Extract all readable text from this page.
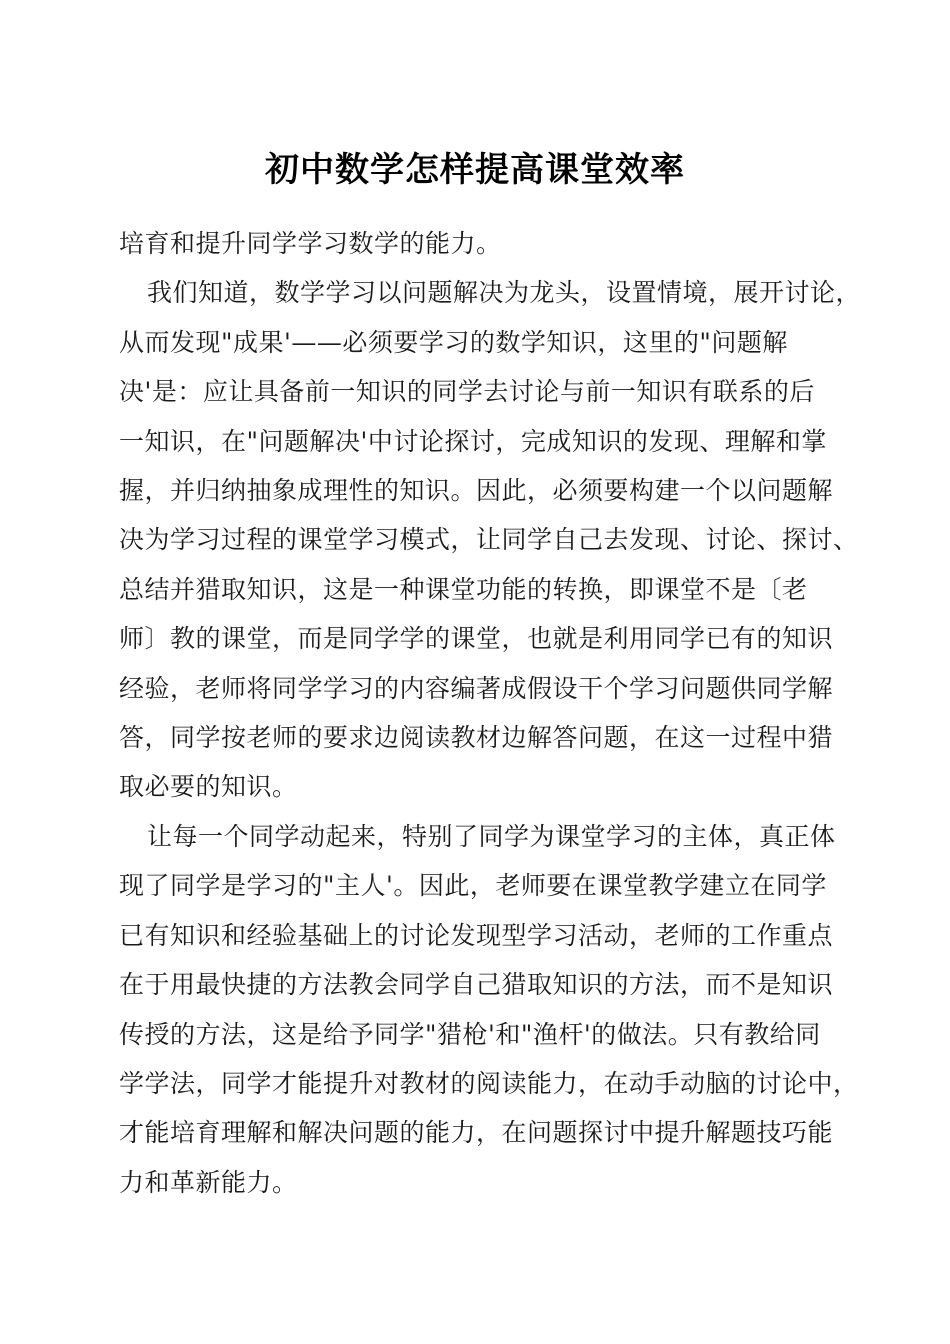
初中数学怎样提高课堂效率

培育和提升同学学习数学的能力。

我们知道，数学学习以问题解决为龙头，设置情境，展开讨论，
从而发现"成果'——必须要学习的数学知识，这里的"问题解
决'是：应让具备前一知识的同学去讨论与前一知识有联系的后
一知识，在"问题解决'中讨论探讨，完成知识的发现、理解和掌
握，并归纳抽象成理性的知识。因此，必须要构建一个以问题解
决为学习过程的课堂学习模式，让同学自己去发现、讨论、探讨、
总结并猎取知识，这是一种课堂功能的转换，即课堂不是〔老
师〕教的课堂，而是同学学的课堂，也就是利用同学已有的知识
经验，老师将同学学习的内容编著成假设干个学习问题供同学解
答，同学按老师的要求边阅读教材边解答问题，在这一过程中猎
取必要的知识。

让每一个同学动起来，特别了同学为课堂学习的主体，真正体
现了同学是学习的"主人'。因此，老师要在课堂教学建立在同学
已有知识和经验基础上的讨论发现型学习活动，老师的工作重点
在于用最快捷的方法教会同学自己猎取知识的方法，而不是知识
传授的方法，这是给予同学"猎枪'和"渔杆'的做法。只有教给同
学学法，同学才能提升对教材的阅读能力，在动手动脑的讨论中，
才能培育理解和解决问题的能力，在问题探讨中提升解题技巧能
力和革新能力。
